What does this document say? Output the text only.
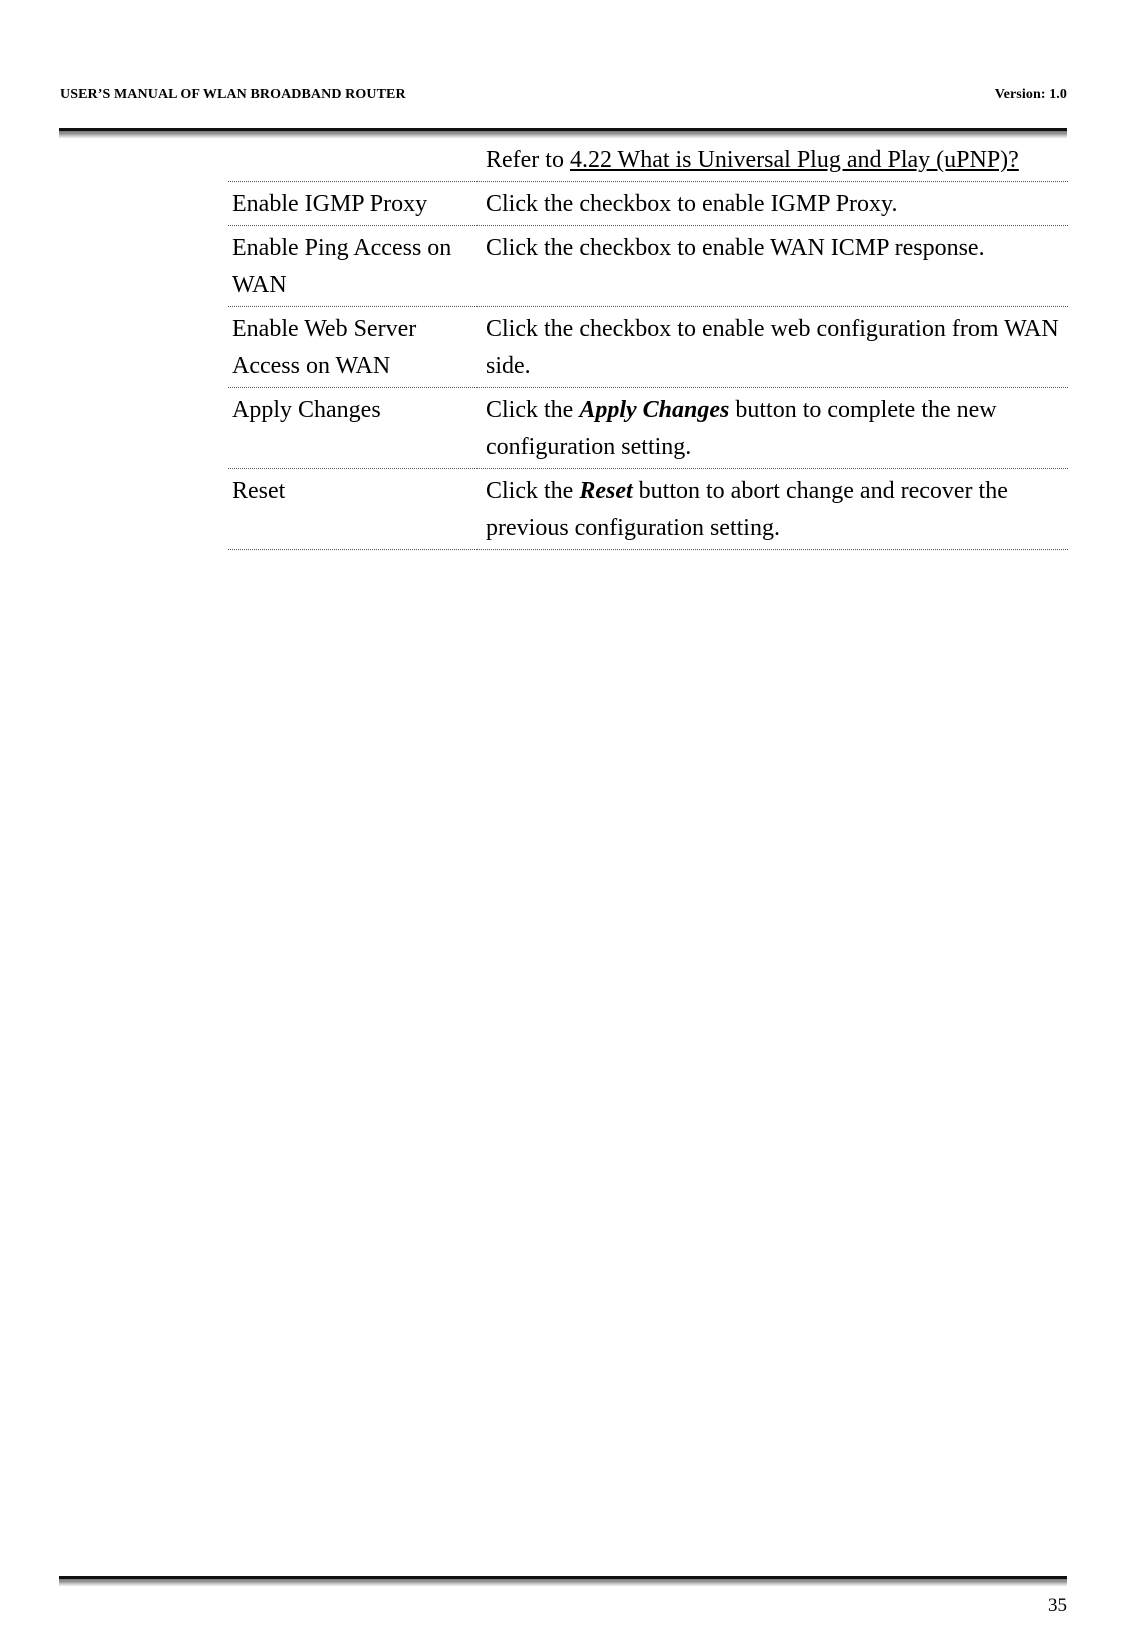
USER’S MANUAL OF WLAN BROADBAND ROUTER	Version: 1.0
	Refer to 4.22 What is Universal Plug and Play (uPNP)?
Enable IGMP Proxy	Click the checkbox to enable IGMP Proxy.
Enable Ping Access on WAN	Click the checkbox to enable WAN ICMP response.
Enable Web Server Access on WAN	Click the checkbox to enable web configuration from WAN side.
Apply Changes	Click the Apply Changes button to complete the new configuration setting.
Reset	Click the Reset button to abort change and recover the previous configuration setting.
35
